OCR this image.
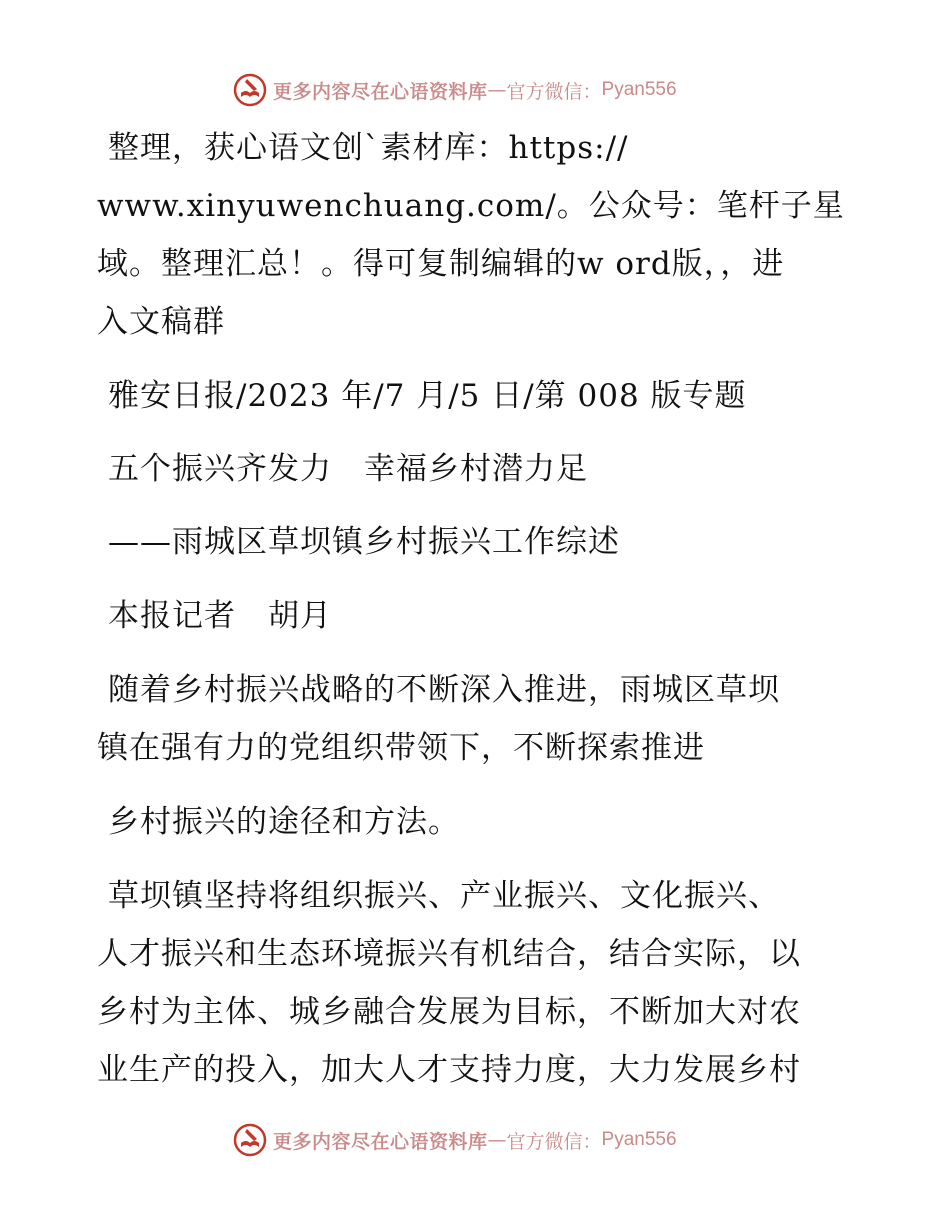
更多内容尽在心语资料库 — 官方微信： Pyan556
整理，获心语文创`素材库：https://
www.xinyuwenchuang.com/。公众号：笔杆子星
域。整理汇总！。得可复制编辑的w ord版，，进
入文稿群
雅安日报/2023 年/7 月/5 日/第 008 版专题
五个振兴齐发力　幸福乡村潜力足
——雨城区草坝镇乡村振兴工作综述
本报记者　胡月
随着乡村振兴战略的不断深入推进，雨城区草坝
镇在强有力的党组织带领下，不断探索推进
乡村振兴的途径和方法。
草坝镇坚持将组织振兴、产业振兴、文化振兴、
人才振兴和生态环境振兴有机结合，结合实际，以
乡村为主体、城乡融合发展为目标，不断加大对农
业生产的投入，加大人才支持力度，大力发展乡村
更多内容尽在心语资料库 — 官方微信： Pyan556
